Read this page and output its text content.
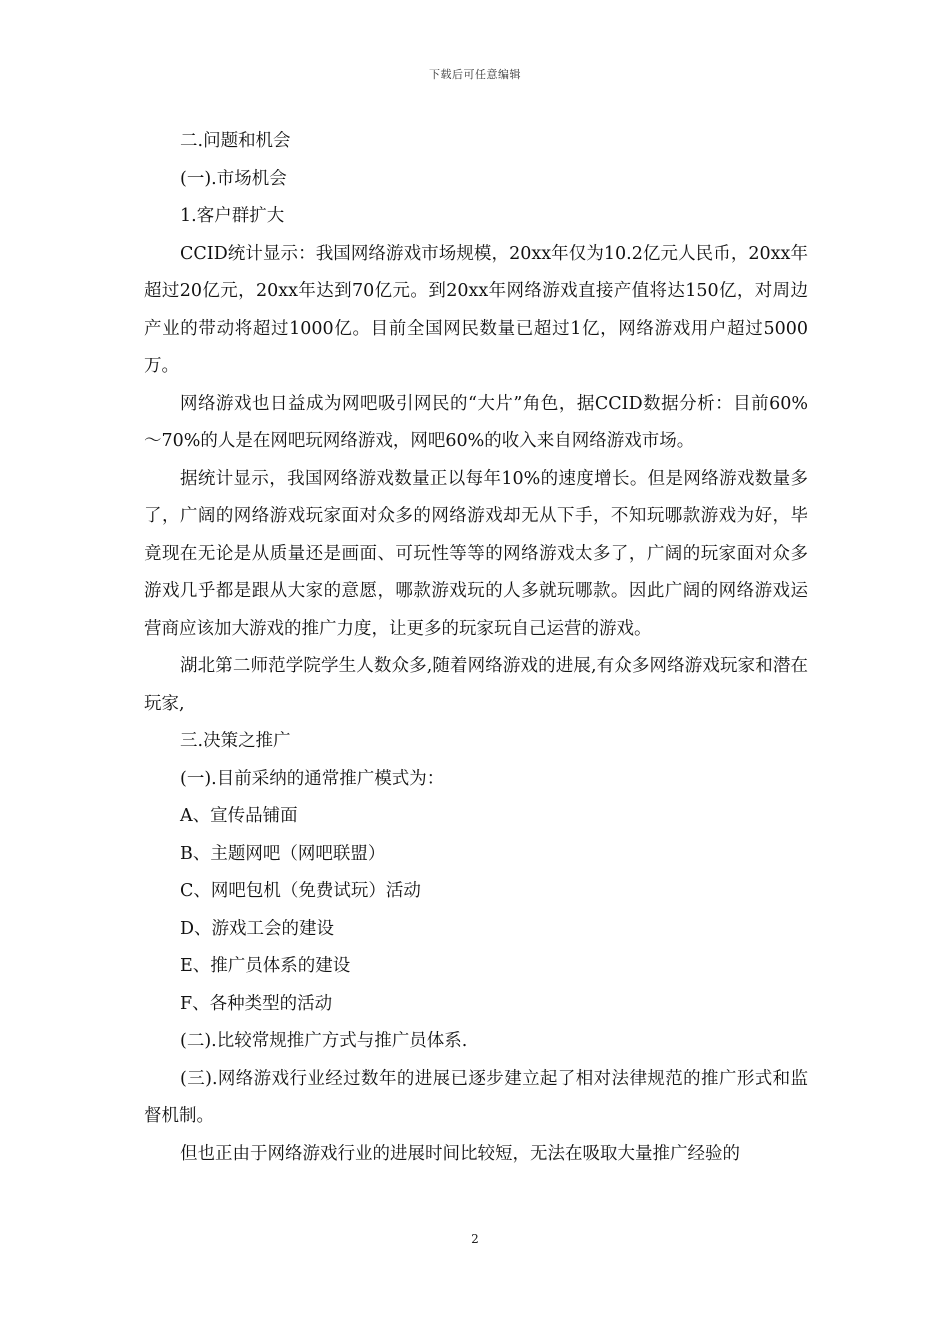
下载后可任意编辑

二.问题和机会

(一).市场机会

1.客户群扩大

CCID统计显示：我国网络游戏市场规模，20xx年仅为10.2亿元人民币，20xx年超过20亿元，20xx年达到70亿元。到20xx年网络游戏直接产值将达150亿，对周边产业的带动将超过1000亿。目前全国网民数量已超过1亿，网络游戏用户超过5000万。

网络游戏也日益成为网吧吸引网民的“大片”角色，据CCID数据分析：目前60%～70%的人是在网吧玩网络游戏，网吧60%的收入来自网络游戏市场。

据统计显示，我国网络游戏数量正以每年10%的速度增长。但是网络游戏数量多了，广阔的网络游戏玩家面对众多的网络游戏却无从下手，不知玩哪款游戏为好，毕竟现在无论是从质量还是画面、可玩性等等的网络游戏太多了，广阔的玩家面对众多游戏几乎都是跟从大家的意愿，哪款游戏玩的人多就玩哪款。因此广阔的网络游戏运营商应该加大游戏的推广力度，让更多的玩家玩自己运营的游戏。

湖北第二师范学院学生人数众多,随着网络游戏的进展,有众多网络游戏玩家和潜在玩家,

三.决策之推广

(一).目前采纳的通常推广模式为：

A、宣传品铺面

B、主题网吧（网吧联盟）

C、网吧包机（免费试玩）活动

D、游戏工会的建设

E、推广员体系的建设

F、各种类型的活动

(二).比较常规推广方式与推广员体系.

(三).网络游戏行业经过数年的进展已逐步建立起了相对法律规范的推广形式和监督机制。

但也正由于网络游戏行业的进展时间比较短，无法在吸取大量推广经验的

2
